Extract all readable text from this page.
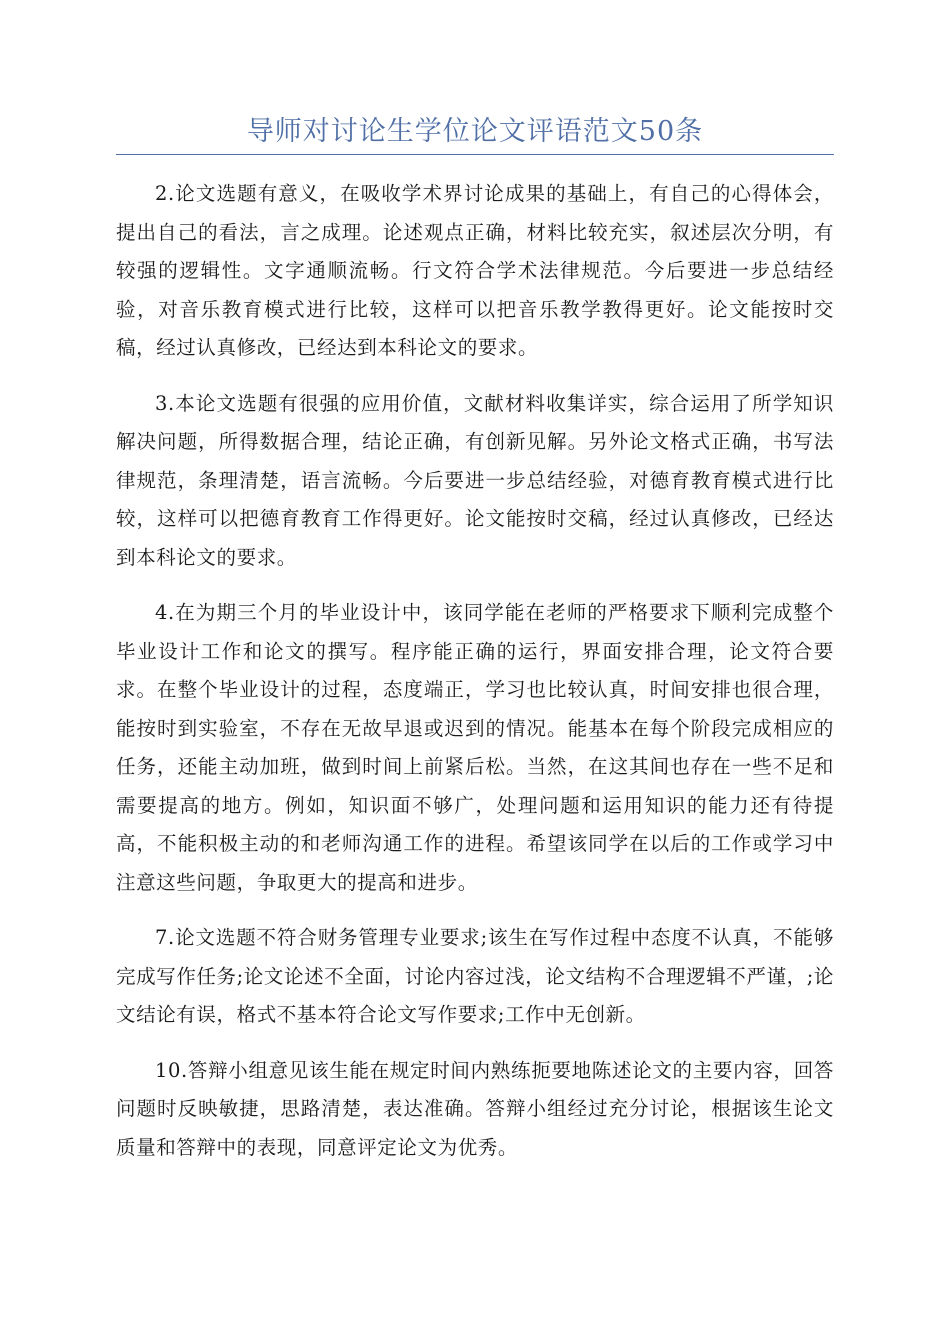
导师对讨论生学位论文评语范文50条

2.论文选题有意义，在吸收学术界讨论成果的基础上，有自己的心得体会，提出自己的看法，言之成理。论述观点正确，材料比较充实，叙述层次分明，有较强的逻辑性。文字通顺流畅。行文符合学术法律规范。今后要进一步总结经验，对音乐教育模式进行比较，这样可以把音乐教学教得更好。论文能按时交稿，经过认真修改，已经达到本科论文的要求。

3.本论文选题有很强的应用价值，文献材料收集详实，综合运用了所学知识解决问题，所得数据合理，结论正确，有创新见解。另外论文格式正确，书写法律规范，条理清楚，语言流畅。今后要进一步总结经验，对德育教育模式进行比较，这样可以把德育教育工作得更好。论文能按时交稿，经过认真修改，已经达到本科论文的要求。

4.在为期三个月的毕业设计中，该同学能在老师的严格要求下顺利完成整个毕业设计工作和论文的撰写。程序能正确的运行，界面安排合理，论文符合要求。在整个毕业设计的过程，态度端正，学习也比较认真，时间安排也很合理，能按时到实验室，不存在无故早退或迟到的情况。能基本在每个阶段完成相应的任务，还能主动加班，做到时间上前紧后松。当然，在这其间也存在一些不足和需要提高的地方。例如，知识面不够广，处理问题和运用知识的能力还有待提高，不能积极主动的和老师沟通工作的进程。希望该同学在以后的工作或学习中注意这些问题，争取更大的提高和进步。

7.论文选题不符合财务管理专业要求;该生在写作过程中态度不认真，不能够完成写作任务;论文论述不全面，讨论内容过浅，论文结构不合理逻辑不严谨，;论文结论有误，格式不基本符合论文写作要求;工作中无创新。

10.答辩小组意见该生能在规定时间内熟练扼要地陈述论文的主要内容，回答问题时反映敏捷，思路清楚，表达准确。答辩小组经过充分讨论，根据该生论文质量和答辩中的表现，同意评定论文为优秀。
